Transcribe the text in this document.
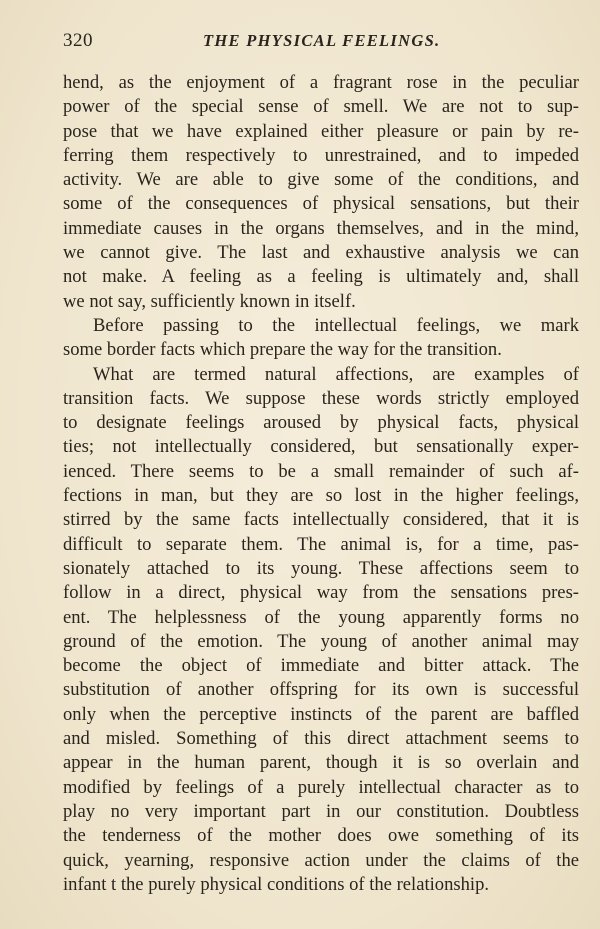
320	THE PHYSICAL FEELINGS.
hend, as the enjoyment of a fragrant rose in the peculiar
power of the special sense of smell. We are not to sup-
pose that we have explained either pleasure or pain by re-
ferring them respectively to unrestrained, and to impeded
activity. We are able to give some of the conditions, and
some of the consequences of physical sensations, but their
immediate causes in the organs themselves, and in the mind,
we cannot give. The last and exhaustive analysis we can
not make. A feeling as a feeling is ultimately and, shall
we not say, sufficiently known in itself.
Before passing to the intellectual feelings, we mark
some border facts which prepare the way for the transition.
What are termed natural affections, are examples of
transition facts. We suppose these words strictly employed
to designate feelings aroused by physical facts, physical
ties; not intellectually considered, but sensationally exper-
ienced. There seems to be a small remainder of such af-
fections in man, but they are so lost in the higher feelings,
stirred by the same facts intellectually considered, that it is
difficult to separate them. The animal is, for a time, pas-
sionately attached to its young. These affections seem to
follow in a direct, physical way from the sensations pres-
ent. The helplessness of the young apparently forms no
ground of the emotion. The young of another animal may
become the object of immediate and bitter attack. The
substitution of another offspring for its own is successful
only when the perceptive instincts of the parent are baffled
and misled. Something of this direct attachment seems to
appear in the human parent, though it is so overlain and
modified by feelings of a purely intellectual character as to
play no very important part in our constitution. Doubtless
the tenderness of the mother does owe something of its
quick, yearning, responsive action under the claims of the
infant t the purely physical conditions of the relationship.
